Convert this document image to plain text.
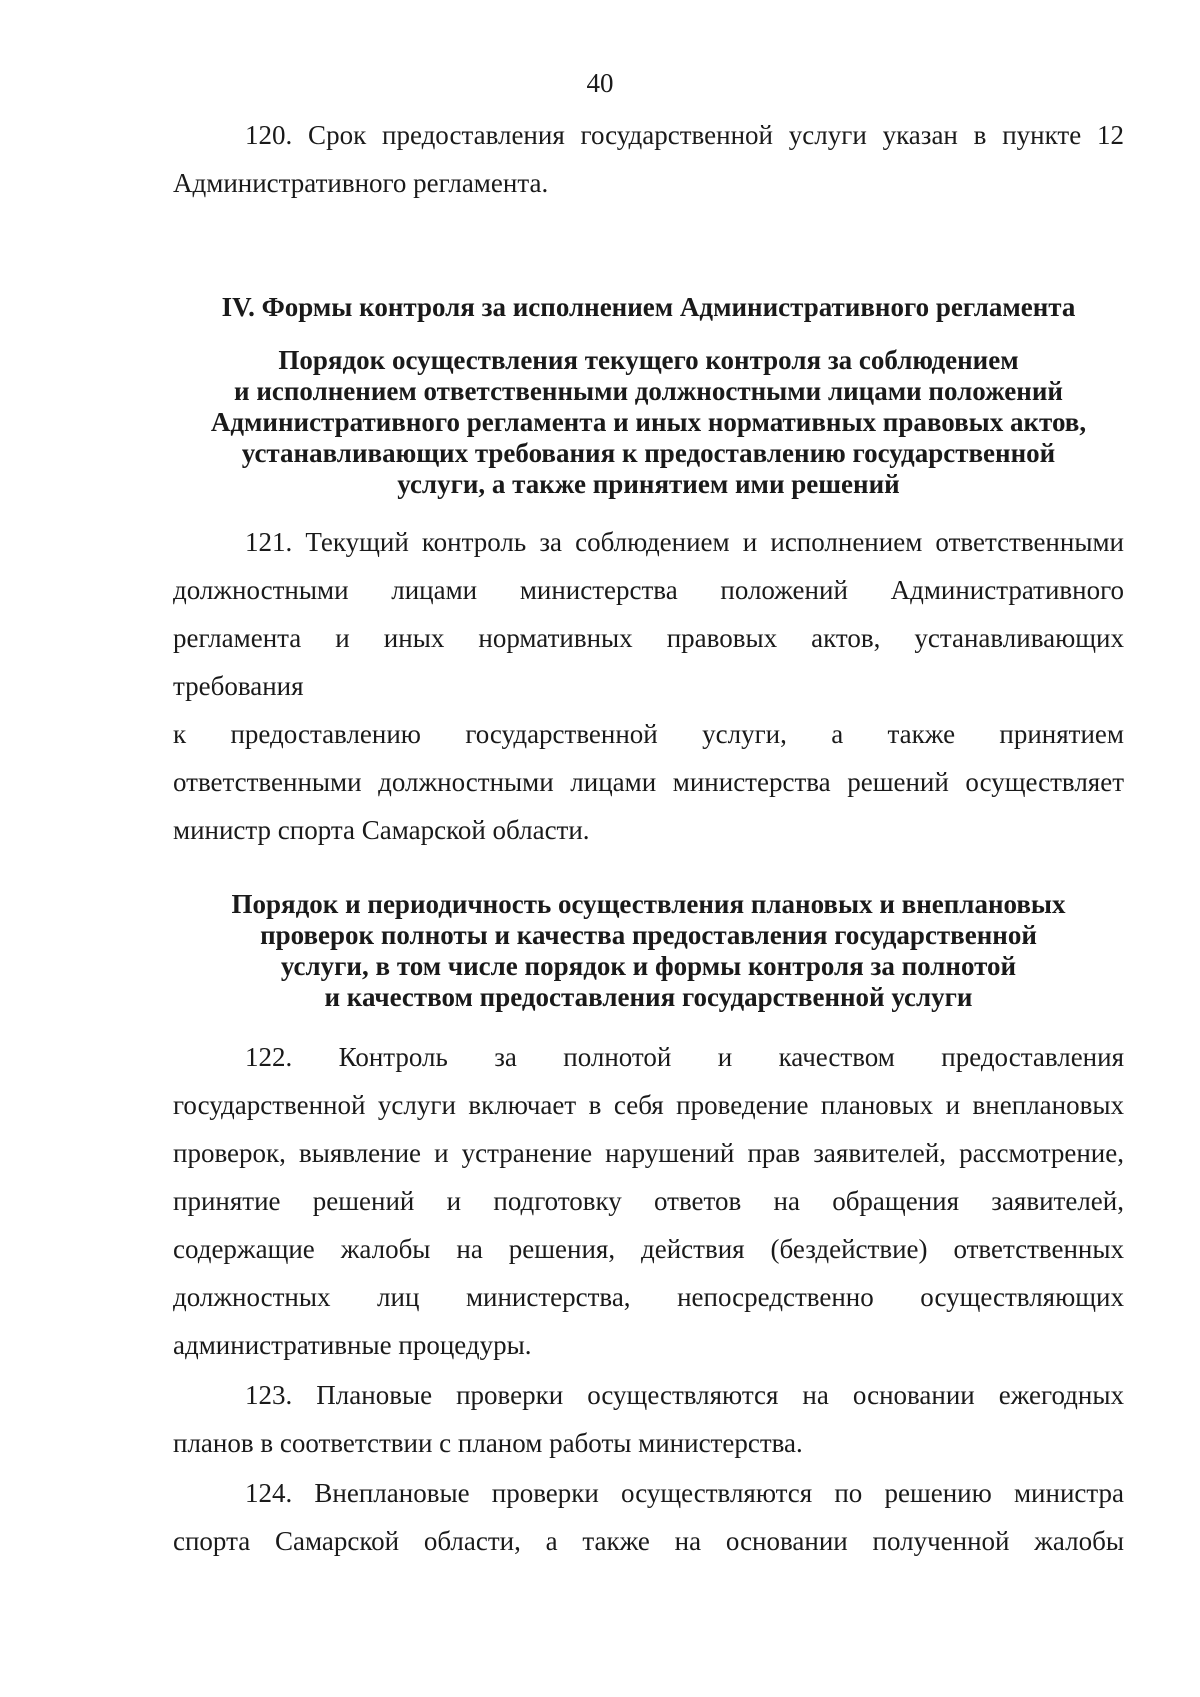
40

120. Срок предоставления государственной услуги указан в пункте 12
Административного регламента.

IV. Формы контроля за исполнением Административного регламента
Порядок осуществления текущего контроля за соблюдением
и исполнением ответственными должностными лицами положений
Административного регламента и иных нормативных правовых актов,
устанавливающих требования к предоставлению государственной
услуги, а также принятием ими решений

121. Текущий контроль за соблюдением и исполнением ответственными
должностными лицами министерства положений Административного
регламента и иных нормативных правовых актов, устанавливающих
требования
к предоставлению государственной услуги, а также принятием
ответственными должностными лицами министерства решений осуществляет
министр спорта Самарской области.

Порядок и периодичность осуществления плановых и внеплановых
проверок полноты и качества предоставления государственной
услуги, в том числе порядок и формы контроля за полнотой
и качеством предоставления государственной услуги

122. Контроль за полнотой и качеством предоставления
государственной услуги включает в себя проведение плановых и внеплановых
проверок, выявление и устранение нарушений прав заявителей, рассмотрение,
принятие решений и подготовку ответов на обращения заявителей,
содержащие жалобы на решения, действия (бездействие) ответственных
должностных лиц министерства, непосредственно осуществляющих
административные процедуры.

123. Плановые проверки осуществляются на основании ежегодных
планов в соответствии с планом работы министерства.

124. Внеплановые проверки осуществляются по решению министра
спорта Самарской области, а также на основании полученной жалобы
